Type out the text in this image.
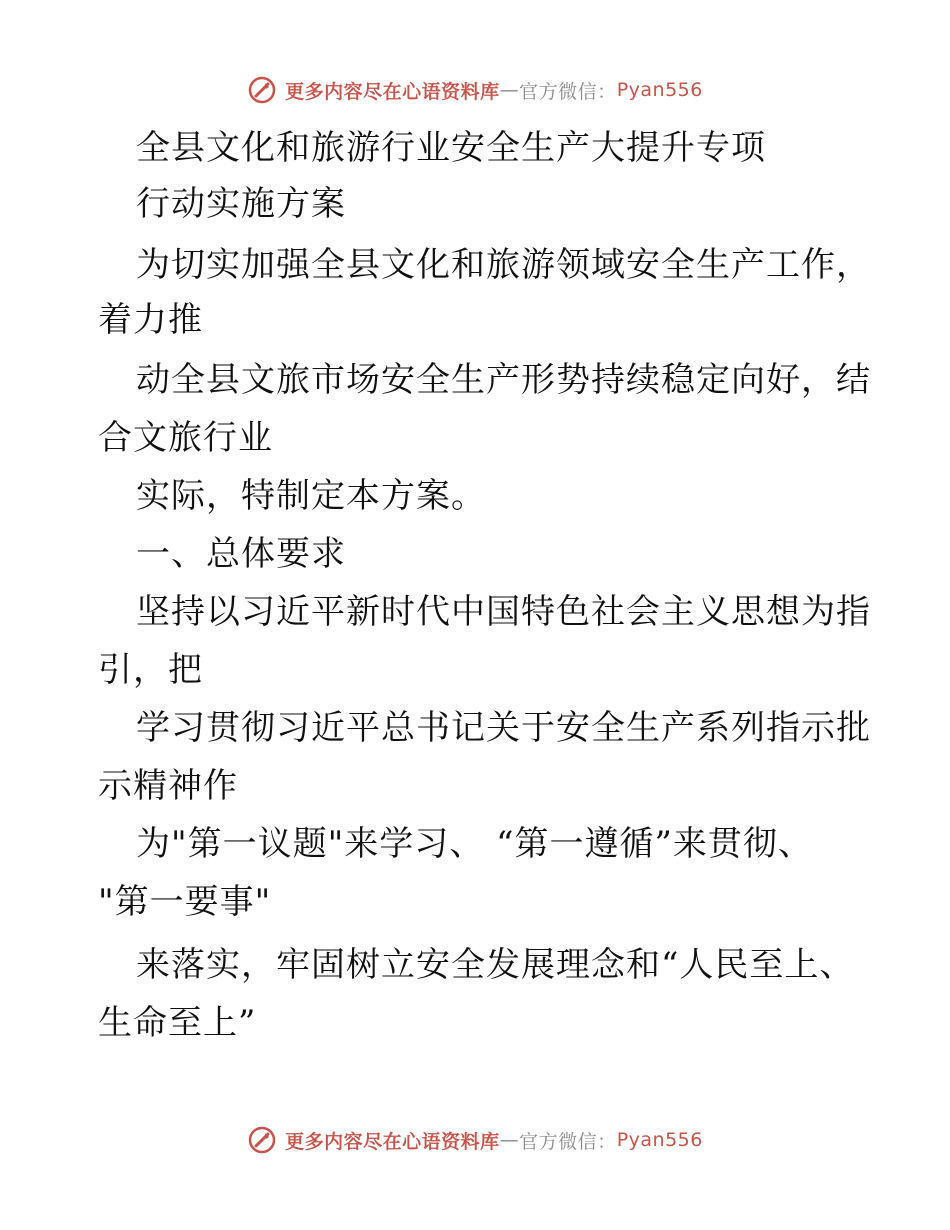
更多内容尽在心语资料库 — 官方微信： Pyan556
全县文化和旅游行业安全生产大提升专项
行动实施方案
为切实加强全县文化和旅游领域安全生产工作，
着力推
动全县文旅市场安全生产形势持续稳定向好，结
合文旅行业
实际，特制定本方案。
一、总体要求
坚持以习近平新时代中国特色社会主义思想为指
引，把
学习贯彻习近平总书记关于安全生产系列指示批
示精神作
为"第一议题"来学习、 “第一遵循”来贯彻、
"第一要事"
来落实，牢固树立安全发展理念和“人民至上、
生命至上”
更多内容尽在心语资料库 — 官方微信： Pyan556
